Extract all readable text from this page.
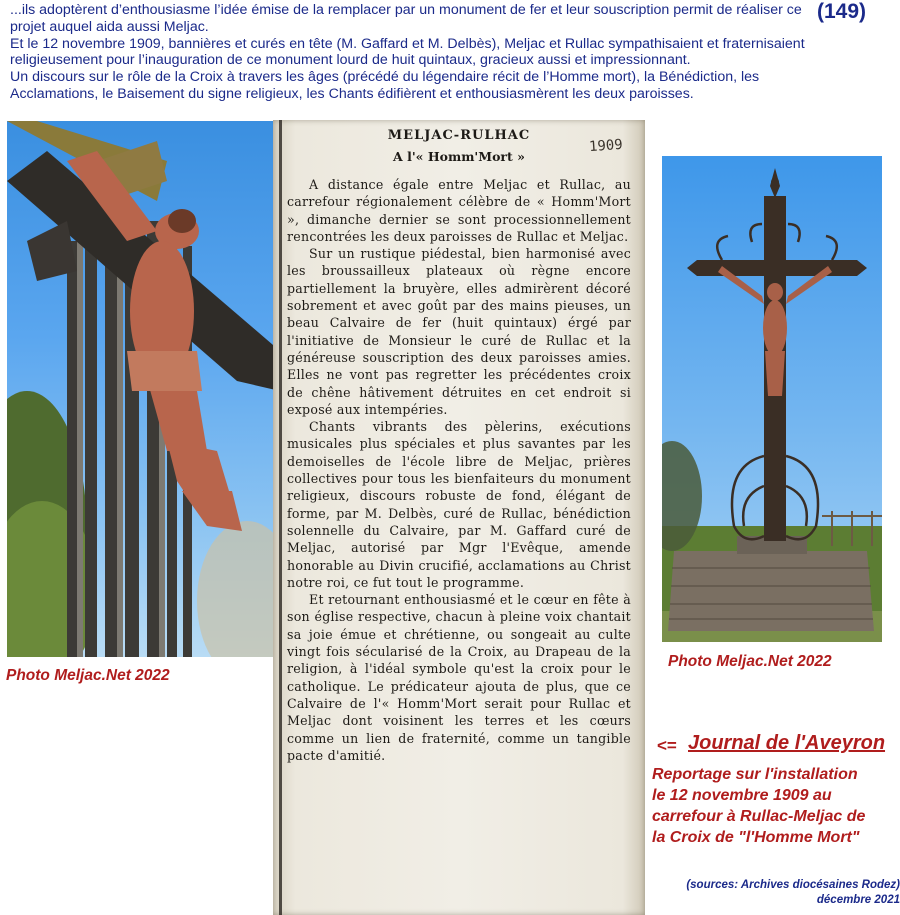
...ils adoptèrent d’enthousiasme l’idée émise de la remplacer par un monument de fer et leur souscription permit de réaliser ce projet auquel aida aussi Meljac.

Et le 12 novembre 1909, bannières et curés en tête (M. Gaffard et M. Delbès), Meljac et Rullac sympathisaient et fraternisaient religieusement pour l’inauguration de ce monument lourd de huit quintaux, gracieux aussi et impressionnant.

Un discours sur le rôle de la Croix à travers les âges (précédé du légendaire récit de l’Homme mort), la Bénédiction, les Acclamations, le Baisement du signe religieux, les Chants édifièrent et enthousiasmèrent les deux paroisses.

(149)
Photo Meljac.Net 2022
MELJAC-RULHAC
A l'« Homm'Mort »

A distance égale entre Meljac et Rullac, au carrefour régionalement célèbre de « Homm'Mort », dimanche dernier se sont processionnellement rencontrées les deux paroisses de Rullac et Meljac.

Sur un rustique piédestal, bien harmonisé avec les broussailleux plateaux où règne encore partiellement la bruyère, elles admirèrent décoré sobrement et avec goût par des mains pieuses, un beau Calvaire de fer (huit quintaux) érgé par l'initiative de Monsieur le curé de Rullac et la généreuse souscription des deux paroisses amies. Elles ne vont pas regretter les précédentes croix de chêne hâtivement détruites en cet endroit si exposé aux intempéries.

Chants vibrants des pèlerins, exécutions musicales plus spéciales et plus savantes par les demoiselles de l'école libre de Meljac, prières collectives pour tous les bienfaiteurs du monument religieux, discours robuste de fond, élégant de forme, par M. Delbès, curé de Rullac, bénédiction solennelle du Calvaire, par M. Gaffard curé de Meljac, autorisé par Mgr l'Evêque, amende honorable au Divin crucifié, acclamations au Christ notre roi, ce fut tout le programme.

Et retournant enthousiasmé et le cœur en fête à son église respective, chacun à pleine voix chantait sa joie émue et chrétienne, ou songeait au culte vingt fois sécularisé de la Croix, au Drapeau de la religion, à l'idéal symbole qu'est la croix pour le catholique. Le prédicateur ajouta de plus, que ce Calvaire de l'« Homm'Mort serait pour Rullac et Meljac dont voisinent les terres et les cœurs comme un lien de fraternité, comme un tangible pacte d'amitié.

1909
Photo Meljac.Net 2022
<= Journal de l'Aveyron
Reportage sur l'installation
le 12 novembre 1909 au
carrefour à Rullac-Meljac de
la Croix de "l'Homme Mort"
(sources: Archives diocésaines Rodez)
décembre 2021
